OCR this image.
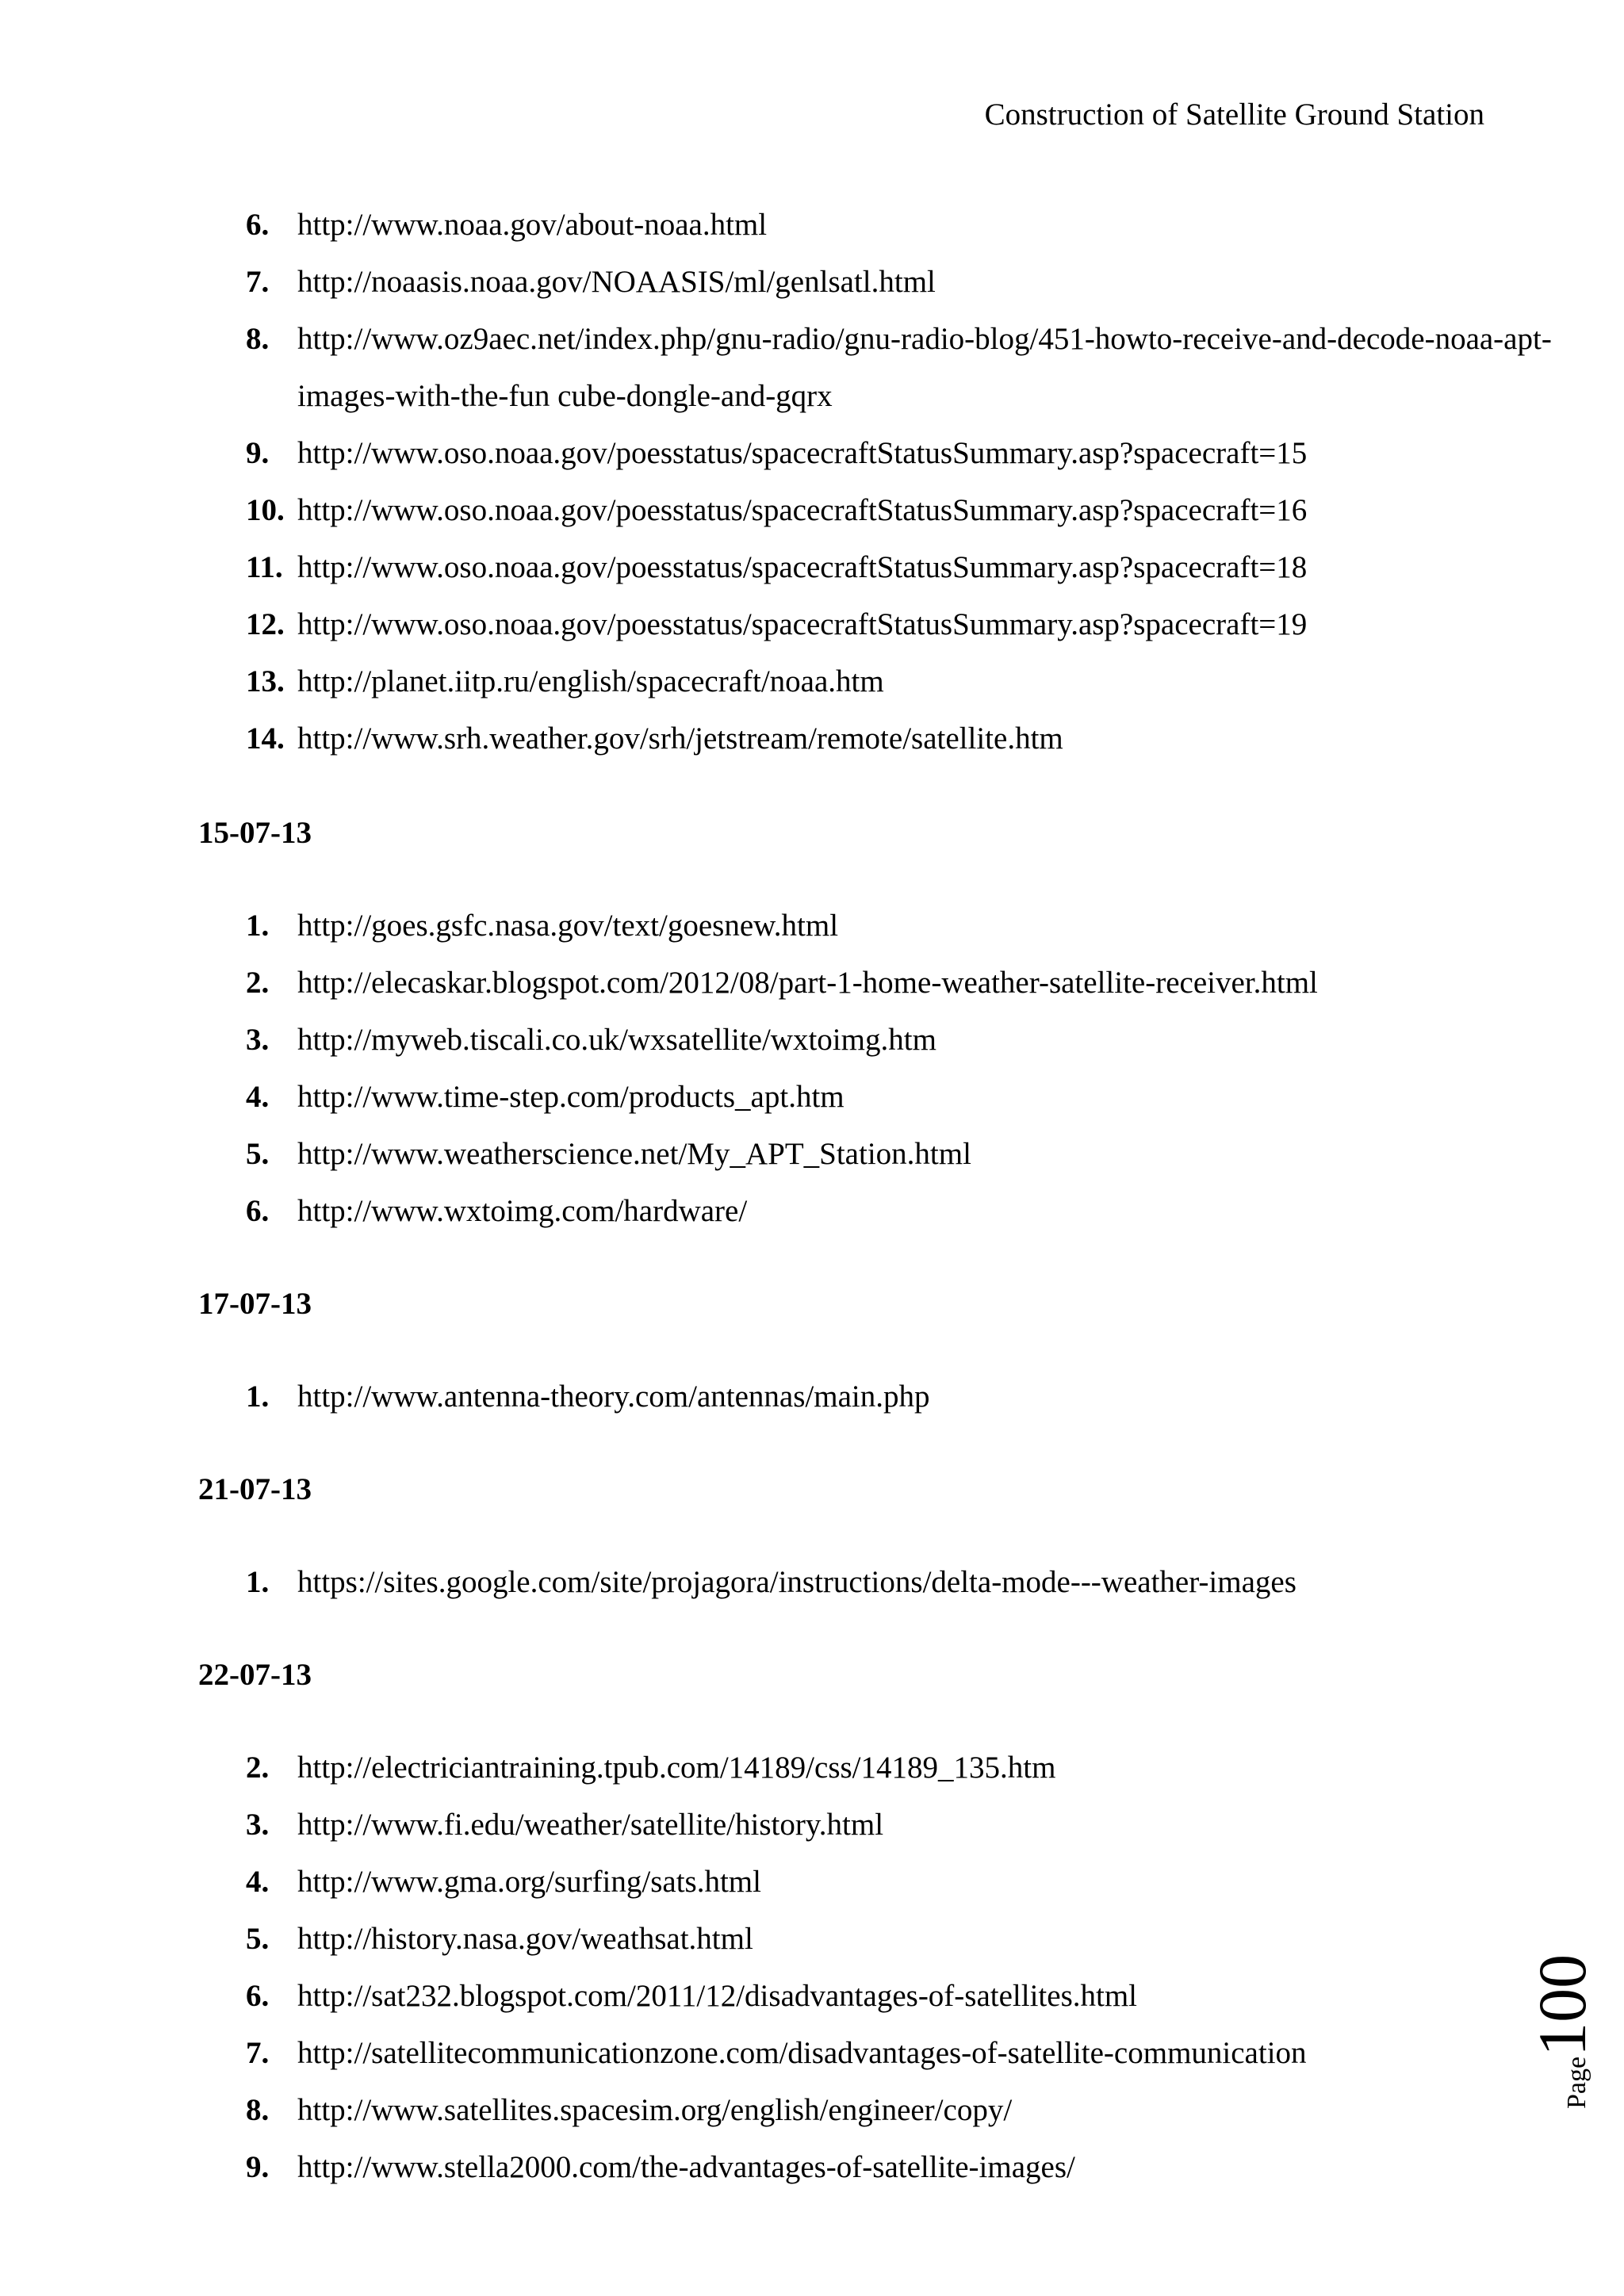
Construction of Satellite Ground Station
6. http://www.noaa.gov/about-noaa.html
7. http://noaasis.noaa.gov/NOAASIS/ml/genlsatl.html
8. http://www.oz9aec.net/index.php/gnu-radio/gnu-radio-blog/451-howto-receive-and-decode-noaa-apt-images-with-the-fun cube-dongle-and-gqrx
9. http://www.oso.noaa.gov/poesstatus/spacecraftStatusSummary.asp?spacecraft=15
10. http://www.oso.noaa.gov/poesstatus/spacecraftStatusSummary.asp?spacecraft=16
11. http://www.oso.noaa.gov/poesstatus/spacecraftStatusSummary.asp?spacecraft=18
12. http://www.oso.noaa.gov/poesstatus/spacecraftStatusSummary.asp?spacecraft=19
13. http://planet.iitp.ru/english/spacecraft/noaa.htm
14. http://www.srh.weather.gov/srh/jetstream/remote/satellite.htm

15-07-13

1. http://goes.gsfc.nasa.gov/text/goesnew.html
2. http://elecaskar.blogspot.com/2012/08/part-1-home-weather-satellite-receiver.html
3. http://myweb.tiscali.co.uk/wxsatellite/wxtoimg.htm
4. http://www.time-step.com/products_apt.htm
5. http://www.weatherscience.net/My_APT_Station.html
6. http://www.wxtoimg.com/hardware/

17-07-13

1. http://www.antenna-theory.com/antennas/main.php

21-07-13

1. https://sites.google.com/site/projagora/instructions/delta-mode---weather-images

22-07-13

2. http://electriciantraining.tpub.com/14189/css/14189_135.htm
3. http://www.fi.edu/weather/satellite/history.html
4. http://www.gma.org/surfing/sats.html
5. http://history.nasa.gov/weathsat.html
6. http://sat232.blogspot.com/2011/12/disadvantages-of-satellites.html
7. http://satellitecommunicationzone.com/disadvantages-of-satellite-communication
8. http://www.satellites.spacesim.org/english/engineer/copy/
9. http://www.stella2000.com/the-advantages-of-satellite-images/
Page100
